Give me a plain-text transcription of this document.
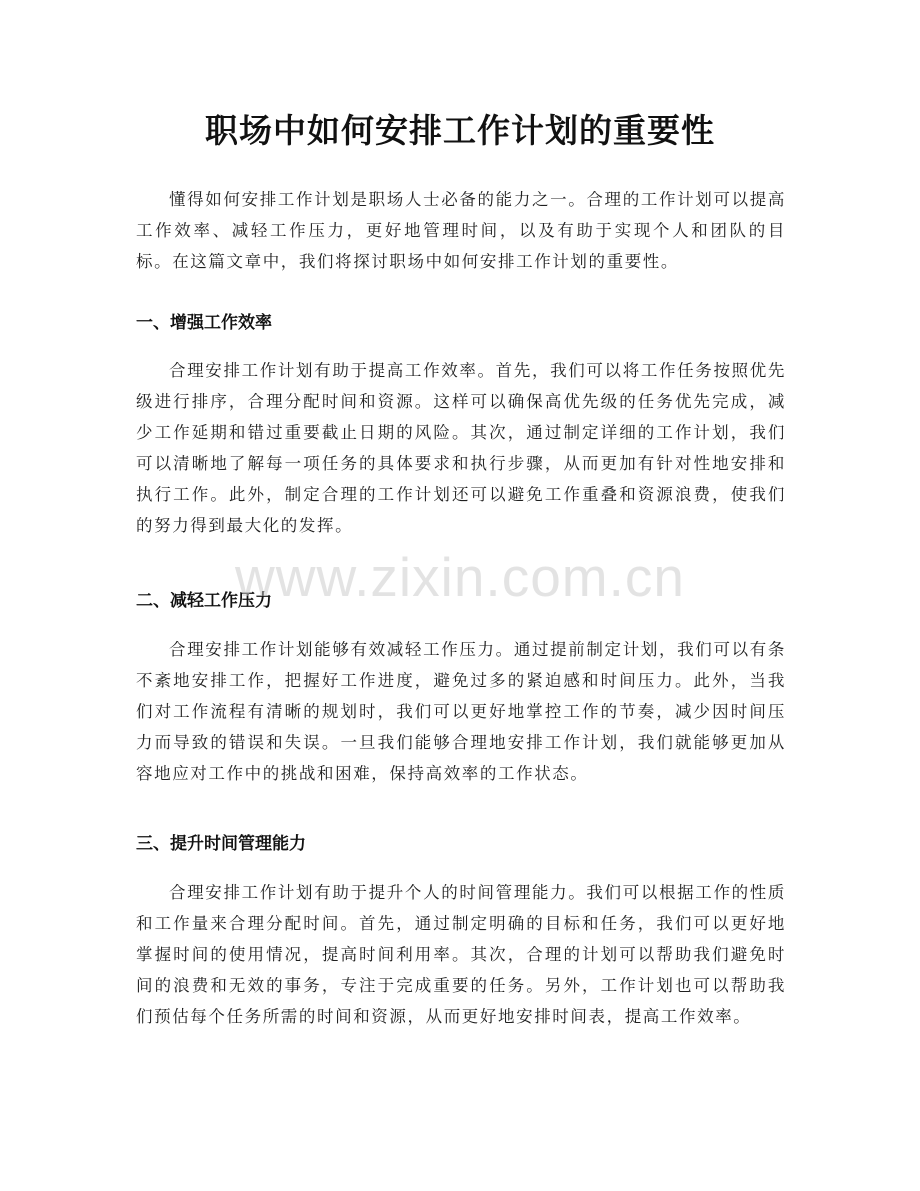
职场中如何安排工作计划的重要性

懂得如何安排工作计划是职场人士必备的能力之一。合理的工作计划可以提高工作效率、减轻工作压力，更好地管理时间，以及有助于实现个人和团队的目标。在这篇文章中，我们将探讨职场中如何安排工作计划的重要性。

一、增强工作效率

合理安排工作计划有助于提高工作效率。首先，我们可以将工作任务按照优先级进行排序，合理分配时间和资源。这样可以确保高优先级的任务优先完成，减少工作延期和错过重要截止日期的风险。其次，通过制定详细的工作计划，我们可以清晰地了解每一项任务的具体要求和执行步骤，从而更加有针对性地安排和执行工作。此外，制定合理的工作计划还可以避免工作重叠和资源浪费，使我们的努力得到最大化的发挥。

二、减轻工作压力

合理安排工作计划能够有效减轻工作压力。通过提前制定计划，我们可以有条不紊地安排工作，把握好工作进度，避免过多的紧迫感和时间压力。此外，当我们对工作流程有清晰的规划时，我们可以更好地掌控工作的节奏，减少因时间压力而导致的错误和失误。一旦我们能够合理地安排工作计划，我们就能够更加从容地应对工作中的挑战和困难，保持高效率的工作状态。

三、提升时间管理能力

合理安排工作计划有助于提升个人的时间管理能力。我们可以根据工作的性质和工作量来合理分配时间。首先，通过制定明确的目标和任务，我们可以更好地掌握时间的使用情况，提高时间利用率。其次，合理的计划可以帮助我们避免时间的浪费和无效的事务，专注于完成重要的任务。另外，工作计划也可以帮助我们预估每个任务所需的时间和资源，从而更好地安排时间表，提高工作效率。

www.zixin.com.cn
